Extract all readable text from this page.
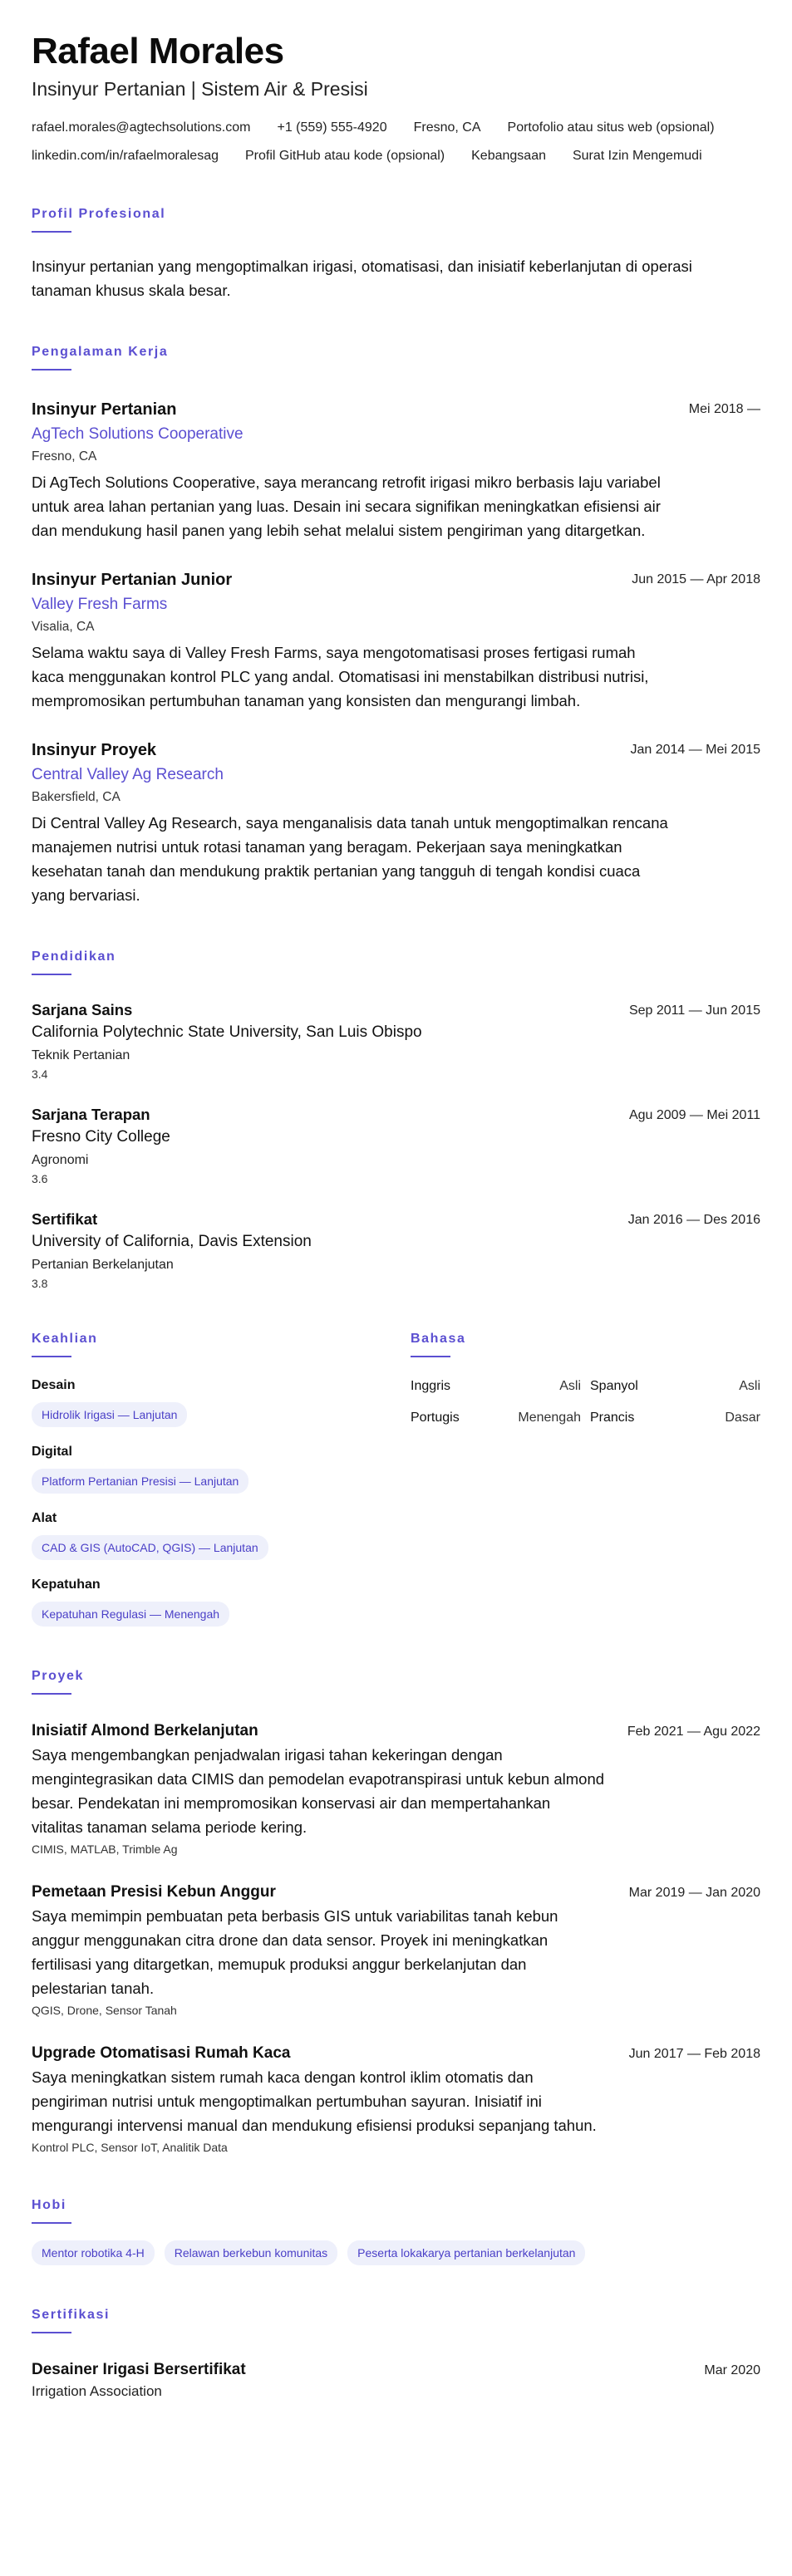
Rafael Morales
Insinyur Pertanian | Sistem Air & Presisi
rafael.morales@agtechsolutions.com +1 (559) 555-4920 Fresno, CA Portofolio atau situs web (opsional)
linkedin.com/in/rafaelmoralesag Profil GitHub atau kode (opsional) Kebangsaan Surat Izin Mengemudi
Profil Profesional
Insinyur pertanian yang mengoptimalkan irigasi, otomatisasi, dan inisiatif keberlanjutan di operasi tanaman khusus skala besar.
Pengalaman Kerja
Insinyur Pertanian	Mei 2018 —
AgTech Solutions Cooperative
Fresno, CA
Di AgTech Solutions Cooperative, saya merancang retrofit irigasi mikro berbasis laju variabel untuk area lahan pertanian yang luas. Desain ini secara signifikan meningkatkan efisiensi air dan mendukung hasil panen yang lebih sehat melalui sistem pengiriman yang ditargetkan.
Insinyur Pertanian Junior	Jun 2015 — Apr 2018
Valley Fresh Farms
Visalia, CA
Selama waktu saya di Valley Fresh Farms, saya mengotomatisasi proses fertigasi rumah kaca menggunakan kontrol PLC yang andal. Otomatisasi ini menstabilkan distribusi nutrisi, mempromosikan pertumbuhan tanaman yang konsisten dan mengurangi limbah.
Insinyur Proyek	Jan 2014 — Mei 2015
Central Valley Ag Research
Bakersfield, CA
Di Central Valley Ag Research, saya menganalisis data tanah untuk mengoptimalkan rencana manajemen nutrisi untuk rotasi tanaman yang beragam. Pekerjaan saya meningkatkan kesehatan tanah dan mendukung praktik pertanian yang tangguh di tengah kondisi cuaca yang bervariasi.
Pendidikan
Sarjana Sains	Sep 2011 — Jun 2015
California Polytechnic State University, San Luis Obispo
Teknik Pertanian
3.4
Sarjana Terapan	Agu 2009 — Mei 2011
Fresno City College
Agronomi
3.6
Sertifikat	Jan 2016 — Des 2016
University of California, Davis Extension
Pertanian Berkelanjutan
3.8
Keahlian
Desain
Hidrolik Irigasi — Lanjutan
Digital
Platform Pertanian Presisi — Lanjutan
Alat
CAD & GIS (AutoCAD, QGIS) — Lanjutan
Kepatuhan
Kepatuhan Regulasi — Menengah
Bahasa
Inggris	Asli Spanyol	Asli
Portugis	Menengah Prancis	Dasar
Proyek
Inisiatif Almond Berkelanjutan	Feb 2021 — Agu 2022
Saya mengembangkan penjadwalan irigasi tahan kekeringan dengan mengintegrasikan data CIMIS dan pemodelan evapotranspirasi untuk kebun almond besar. Pendekatan ini mempromosikan konservasi air dan mempertahankan vitalitas tanaman selama periode kering.
CIMIS, MATLAB, Trimble Ag
Pemetaan Presisi Kebun Anggur	Mar 2019 — Jan 2020
Saya memimpin pembuatan peta berbasis GIS untuk variabilitas tanah kebun anggur menggunakan citra drone dan data sensor. Proyek ini meningkatkan fertilisasi yang ditargetkan, memupuk produksi anggur berkelanjutan dan pelestarian tanah.
QGIS, Drone, Sensor Tanah
Upgrade Otomatisasi Rumah Kaca	Jun 2017 — Feb 2018
Saya meningkatkan sistem rumah kaca dengan kontrol iklim otomatis dan pengiriman nutrisi untuk mengoptimalkan pertumbuhan sayuran. Inisiatif ini mengurangi intervensi manual dan mendukung efisiensi produksi sepanjang tahun.
Kontrol PLC, Sensor IoT, Analitik Data
Hobi
Mentor robotika 4-H	Relawan berkebun komunitas	Peserta lokakarya pertanian berkelanjutan
Sertifikasi
Desainer Irigasi Bersertifikat	Mar 2020
Irrigation Association
